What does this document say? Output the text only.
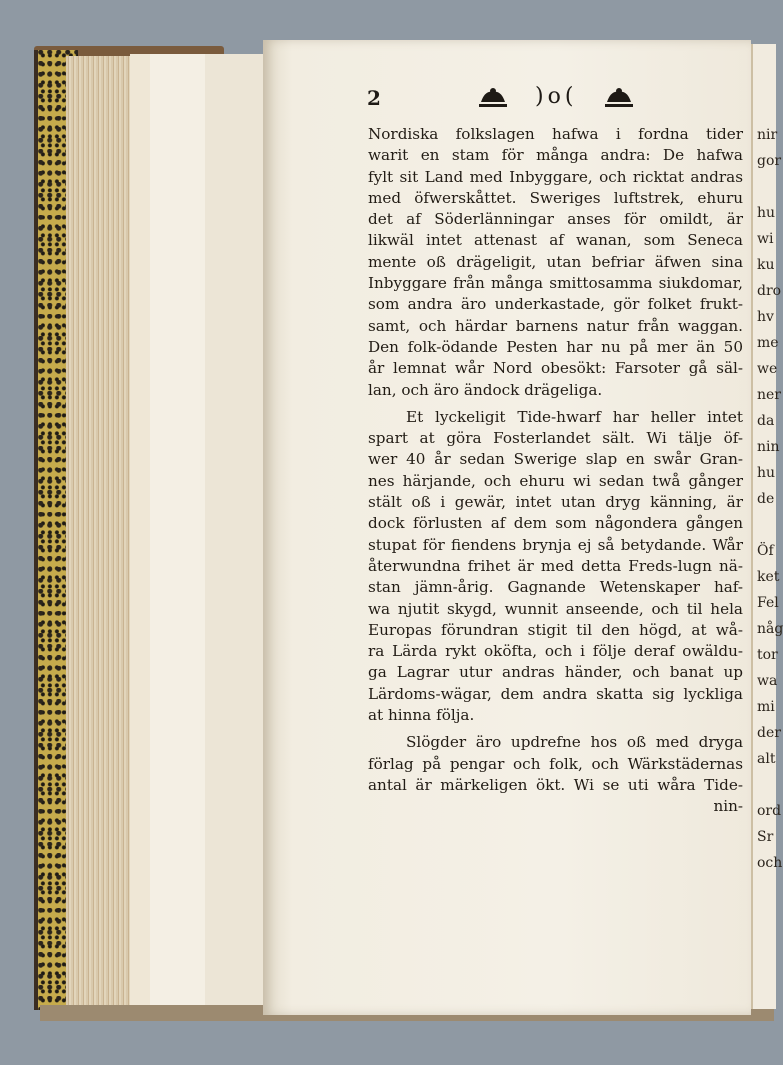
nir
gor
hu
wi
ku
dro
hv
me
we
ner
da
nin
hu
de
Öf
ket
Fel
någ
tor
wa
mi
der
alt
ord
Sr
och
2	)o(
Nordiska folkslagen hafwa i fordna tider
warit en stam för många andra: De hafwa
fylt sit Land med Inbyggare, och ricktat andras
med öfwerskåttet. Sweriges luftstrek, ehuru
det af Söderlänningar anses för omildt, är
likwäl intet attenast af wanan, som Seneca
mente oß drägeligit, utan befriar äfwen sina
Inbyggare från många smittosamma siukdomar,
som andra äro underkastade, gör folket frukt-
samt, och härdar barnens natur från waggan.
Den folk-ödande Pesten har nu på mer än 50
år lemnat wår Nord obesökt: Farsoter gå säl-
lan, och äro ändock drägeliga.
Et lyckeligit Tide-hwarf har heller intet
spart at göra Fosterlandet sält. Wi tälje öf-
wer 40 år sedan Swerige slap en swår Gran-
nes härjande, och ehuru wi sedan twå gånger
stält oß i gewär, intet utan dryg känning, är
dock förlusten af dem som någondera gången
stupat för fiendens brynja ej så betydande. Wår
återwundna frihet är med detta Freds-lugn nä-
stan jämn-årig. Gagnande Wetenskaper haf-
wa njutit skygd, wunnit anseende, och til hela
Europas förundran stigit til den högd, at wå-
ra Lärda rykt oköfta, och i följe deraf owäldu-
ga Lagrar utur andras händer, och banat up
Lärdoms-wägar, dem andra skatta sig lyckliga
at hinna följa.
Slögder äro updrefne hos oß med dryga
förlag på pengar och folk, och Wärkstädernas
antal är märkeligen ökt. Wi se uti wåra Tide-
nin-
